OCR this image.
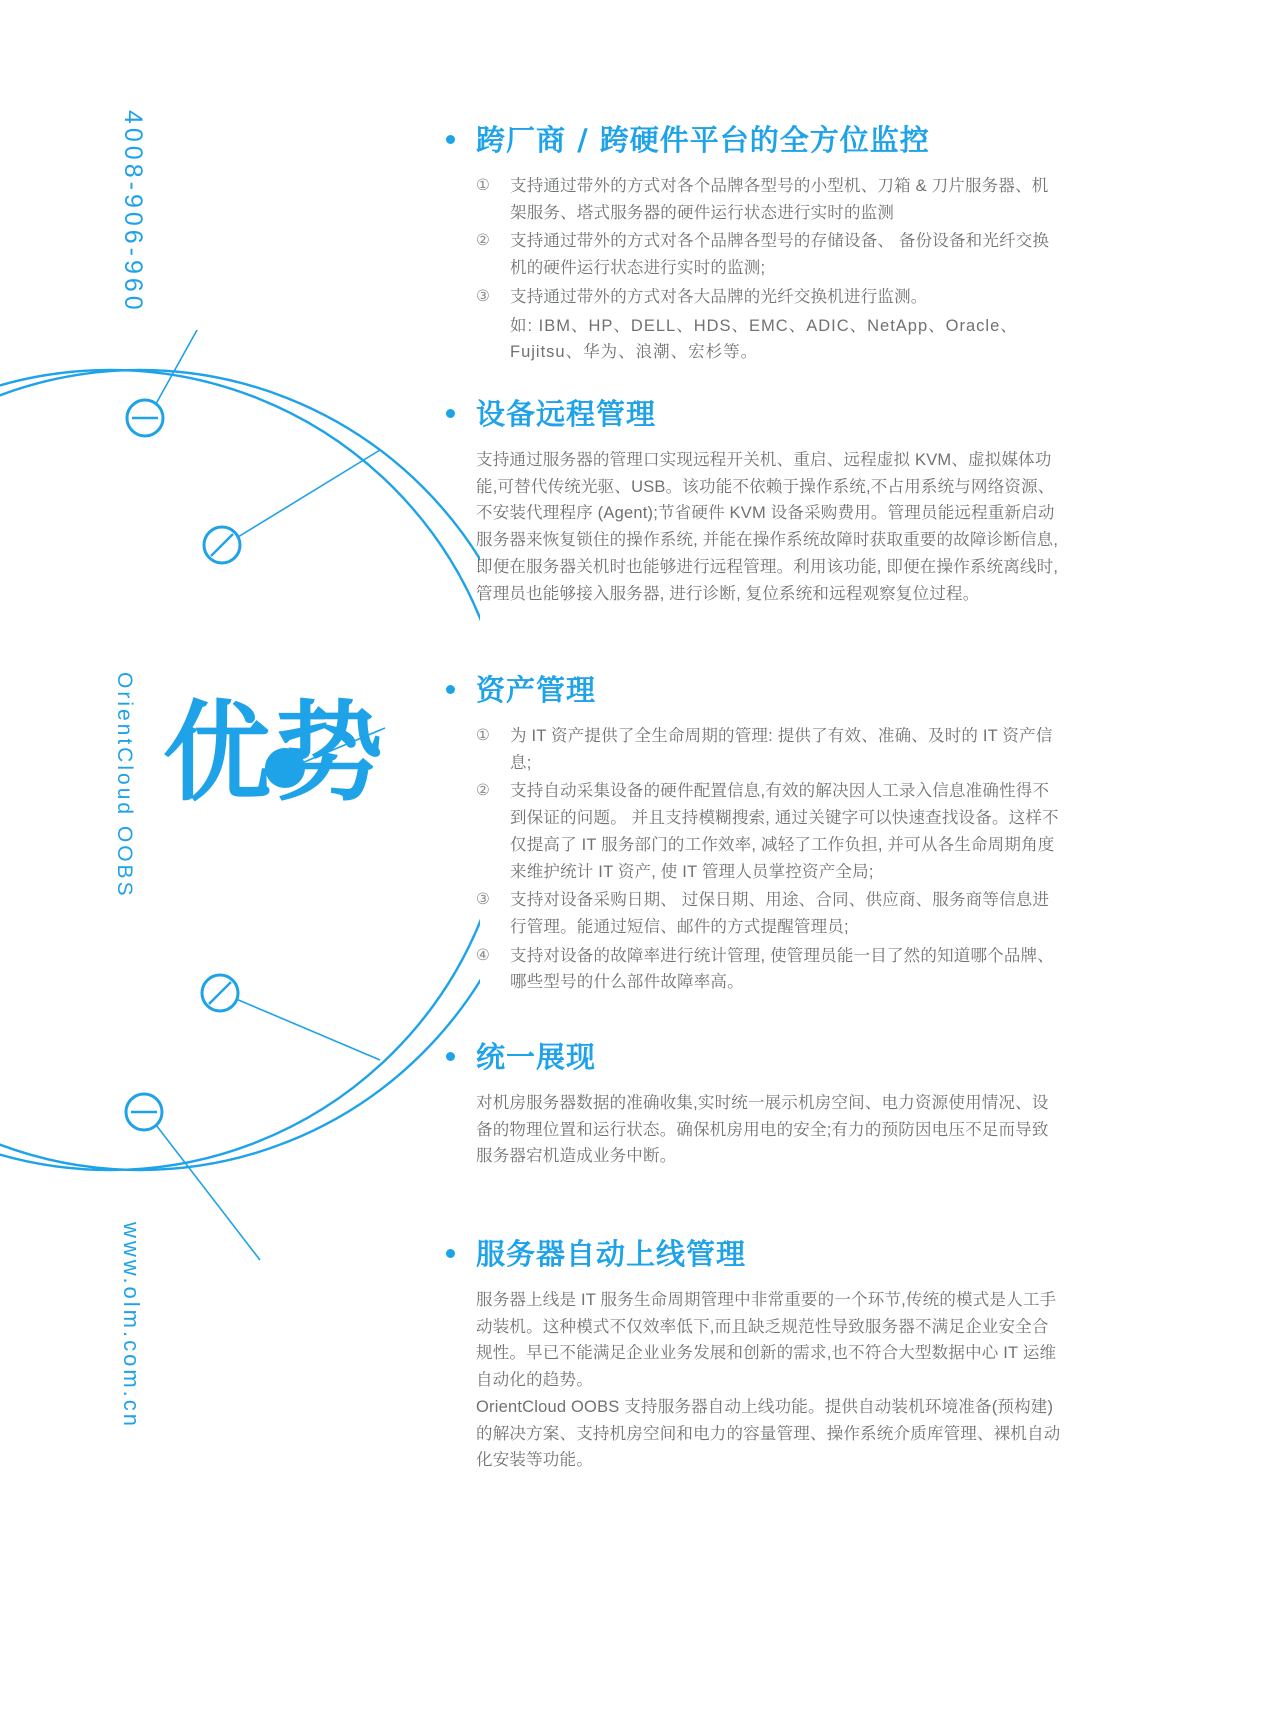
4008-906-960
OrientCloud OOBS
www.olm.com.cn
优势
跨厂商 / 跨硬件平台的全方位监控
①	支持通过带外的方式对各个品牌各型号的小型机、刀箱 & 刀片服务器、机架服务、塔式服务器的硬件运行状态进行实时的监测
②	支持通过带外的方式对各个品牌各型号的存储设备、 备份设备和光纤交换机的硬件运行状态进行实时的监测;
③	支持通过带外的方式对各大品牌的光纤交换机进行监测。
如: IBM、HP、DELL、HDS、EMC、ADIC、NetApp、Oracle、Fujitsu、华为、浪潮、宏杉等。
设备远程管理

支持通过服务器的管理口实现远程开关机、重启、远程虚拟 KVM、虚拟媒体功能,可替代传统光驱、USB。该功能不依赖于操作系统,不占用系统与网络资源、不安装代理程序 (Agent);节省硬件 KVM 设备采购费用。管理员能远程重新启动服务器来恢复锁住的操作系统, 并能在操作系统故障时获取重要的故障诊断信息, 即便在服务器关机时也能够进行远程管理。利用该功能, 即便在操作系统离线时, 管理员也能够接入服务器, 进行诊断, 复位系统和远程观察复位过程。

资产管理
①	为 IT 资产提供了全生命周期的管理: 提供了有效、准确、及时的 IT 资产信息;
②	支持自动采集设备的硬件配置信息,有效的解决因人工录入信息准确性得不到保证的问题。 并且支持模糊搜索, 通过关键字可以快速查找设备。这样不仅提高了 IT 服务部门的工作效率, 减轻了工作负担, 并可从各生命周期角度来维护统计 IT 资产, 使 IT 管理人员掌控资产全局;
③	支持对设备采购日期、 过保日期、用途、合同、供应商、服务商等信息进行管理。能通过短信、邮件的方式提醒管理员;
④	支持对设备的故障率进行统计管理, 使管理员能一目了然的知道哪个品牌、哪些型号的什么部件故障率高。
统一展现

对机房服务器数据的准确收集,实时统一展示机房空间、电力资源使用情况、设备的物理位置和运行状态。确保机房用电的安全;有力的预防因电压不足而导致服务器宕机造成业务中断。

服务器自动上线管理

服务器上线是 IT 服务生命周期管理中非常重要的一个环节,传统的模式是人工手动装机。这种模式不仅效率低下,而且缺乏规范性导致服务器不满足企业安全合规性。早已不能满足企业业务发展和创新的需求,也不符合大型数据中心 IT 运维自动化的趋势。

OrientCloud OOBS 支持服务器自动上线功能。提供自动装机环境准备(预构建)的解决方案、支持机房空间和电力的容量管理、操作系统介质库管理、裸机自动化安装等功能。
